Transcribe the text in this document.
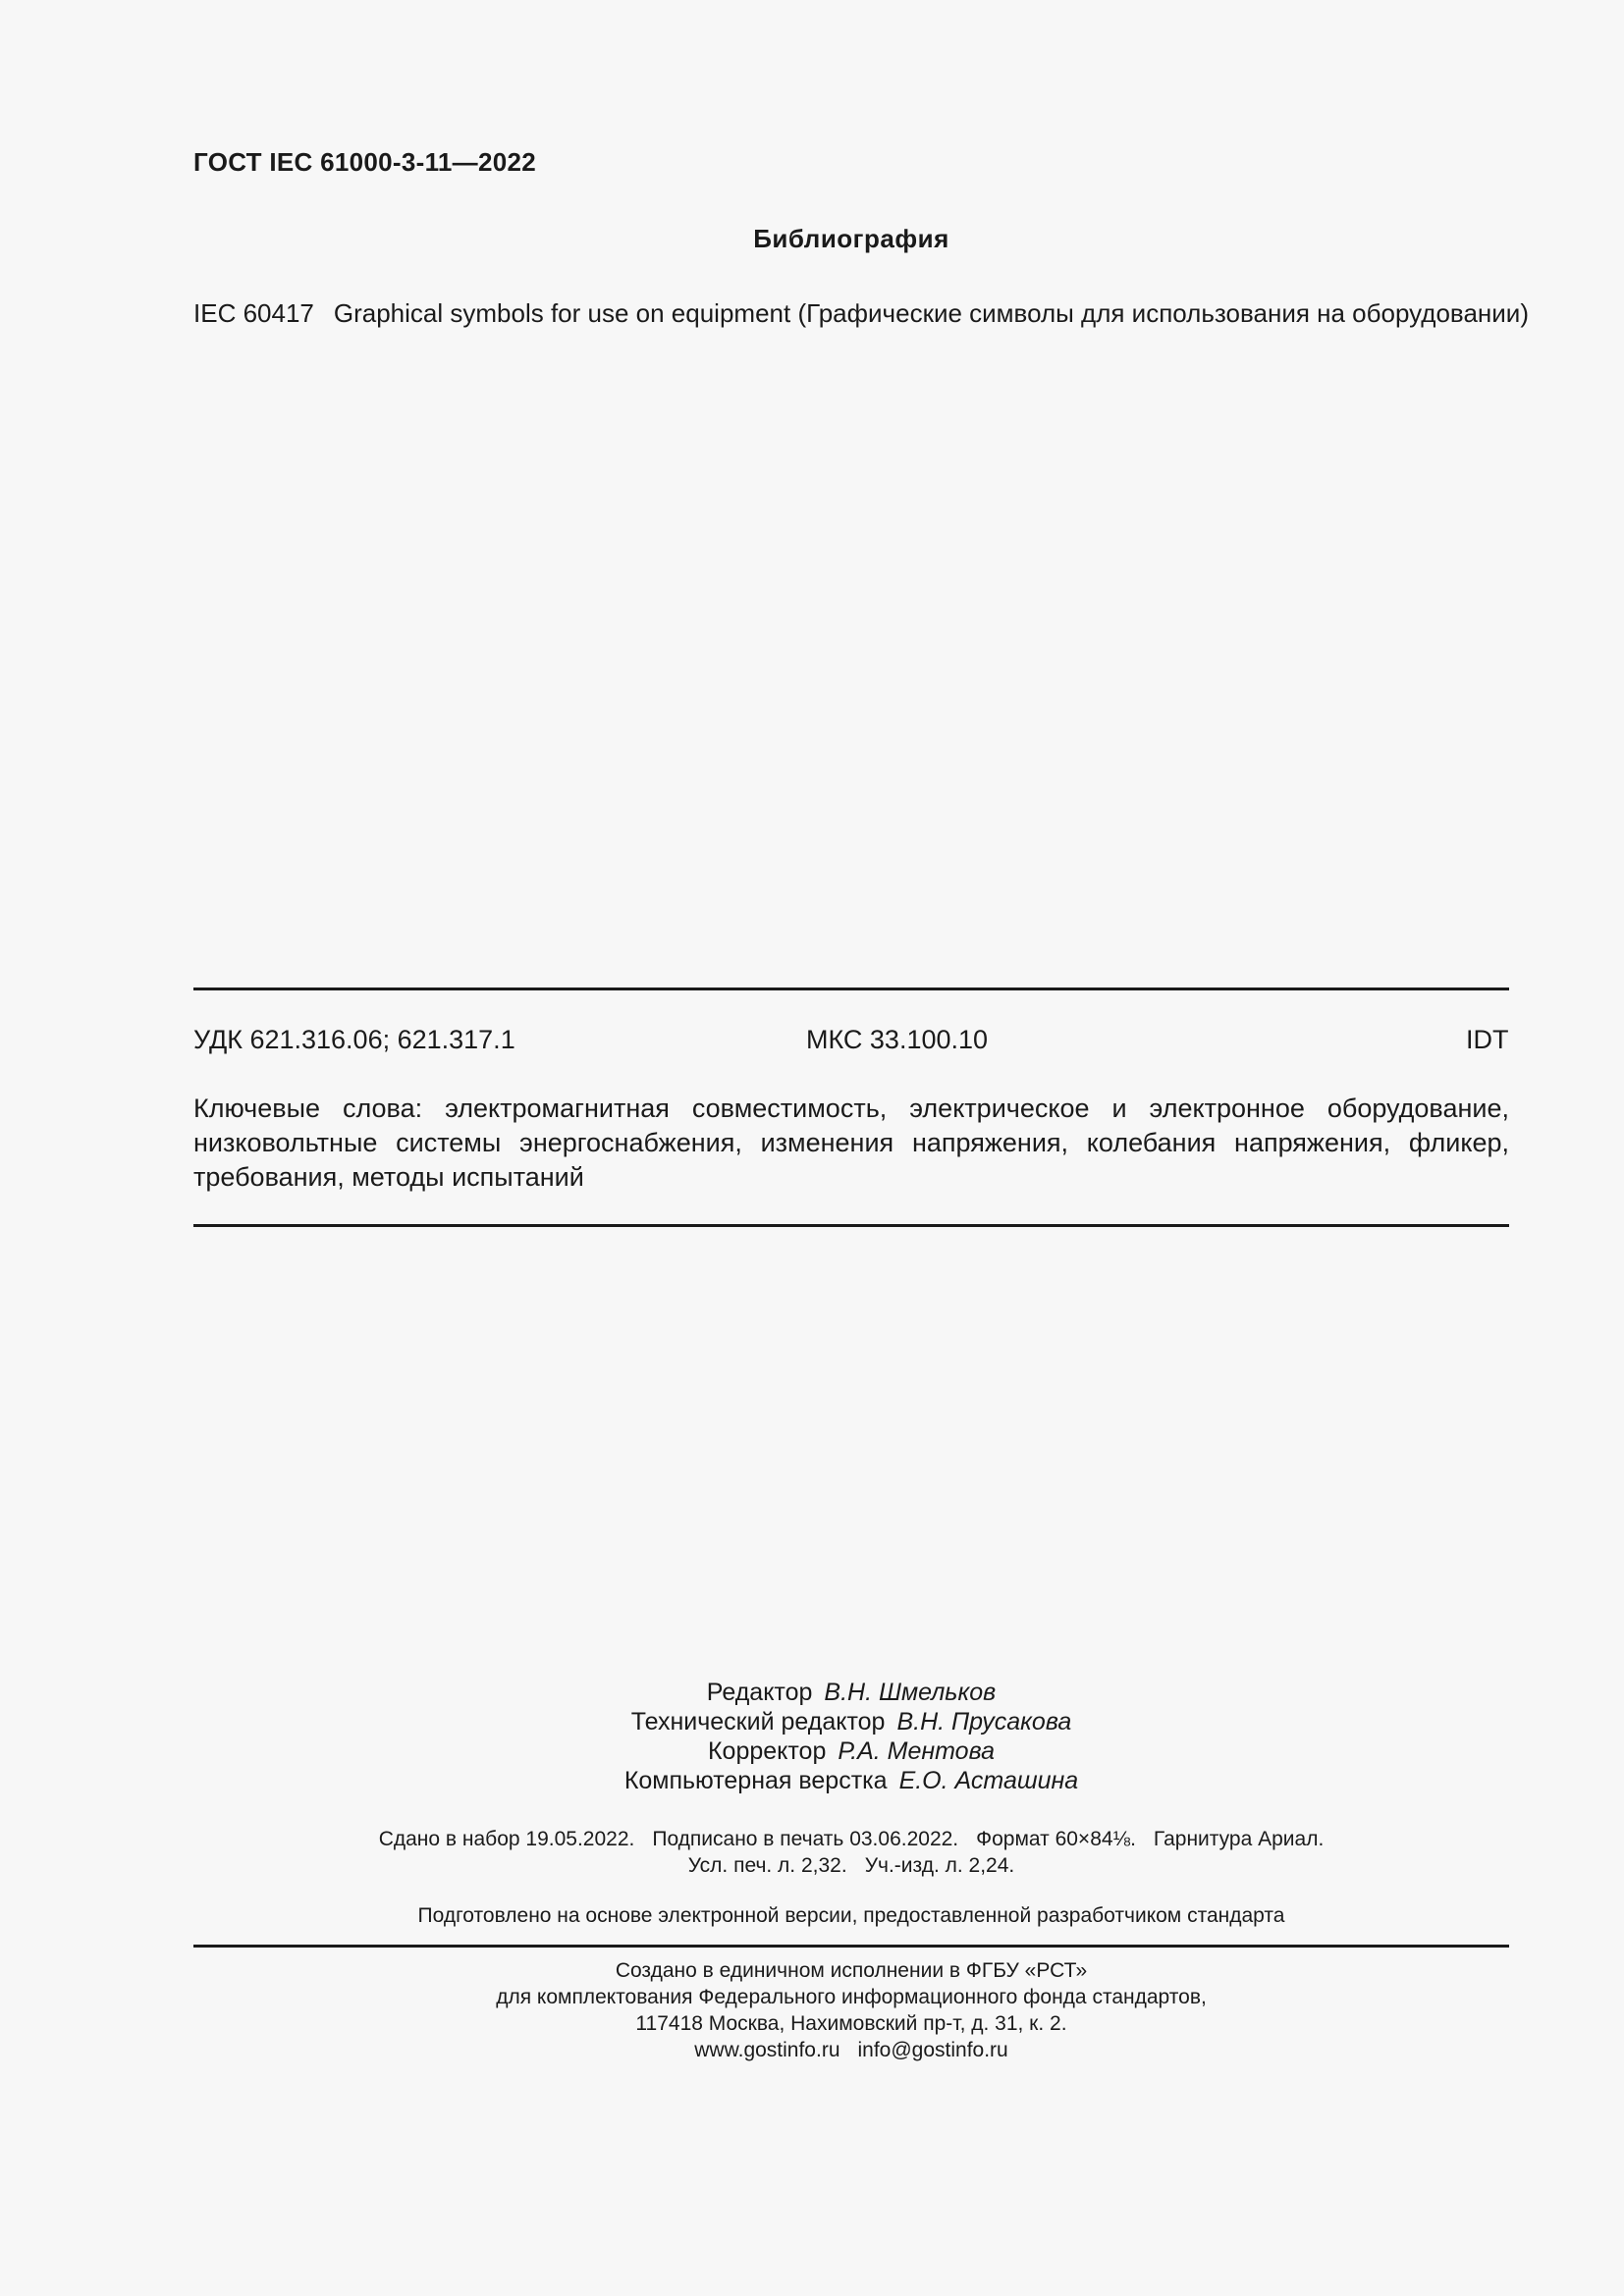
ГОСТ IEC 61000-3-11—2022
Библиография
IEC 60417 Graphical symbols for use on equipment (Графические символы для использования на оборудовании)
УДК 621.316.06; 621.317.1	МКС 33.100.10	IDT
Ключевые слова: электромагнитная совместимость, электрическое и электронное оборудование, низковольтные системы энергоснабжения, изменения напряжения, колебания напряжения, фликер, требования, методы испытаний
Редактор В.Н. Шмельков
Технический редактор В.Н. Прусакова
Корректор Р.А. Ментова
Компьютерная верстка Е.О. Асташина
Сдано в набор 19.05.2022. Подписано в печать 03.06.2022. Формат 60×84⅛. Гарнитура Ариал.
Усл. печ. л. 2,32. Уч.-изд. л. 2,24.
Подготовлено на основе электронной версии, предоставленной разработчиком стандарта
Создано в единичном исполнении в ФГБУ «РСТ»
для комплектования Федерального информационного фонда стандартов,
117418 Москва, Нахимовский пр-т, д. 31, к. 2.
www.gostinfo.ru info@gostinfo.ru
